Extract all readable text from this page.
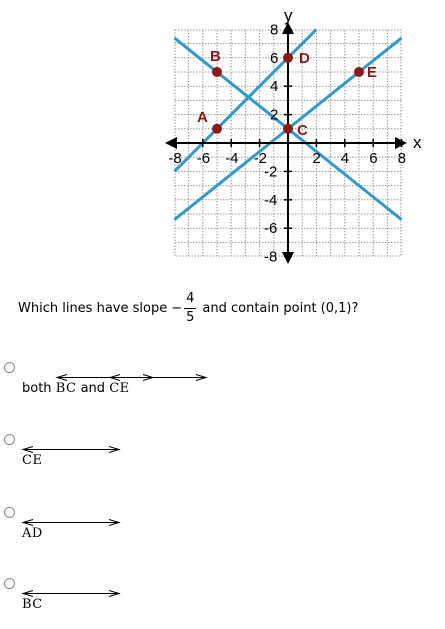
-8 -6 -4 -2	2 4 6 8
8
6
4
2
-2
-4
-6
-8
x
y
A
B
C
D
E
Which lines have slope − $\frac{4}{5}$ and contain point (0,1)?
both BC and CE
CE
AD
BC
